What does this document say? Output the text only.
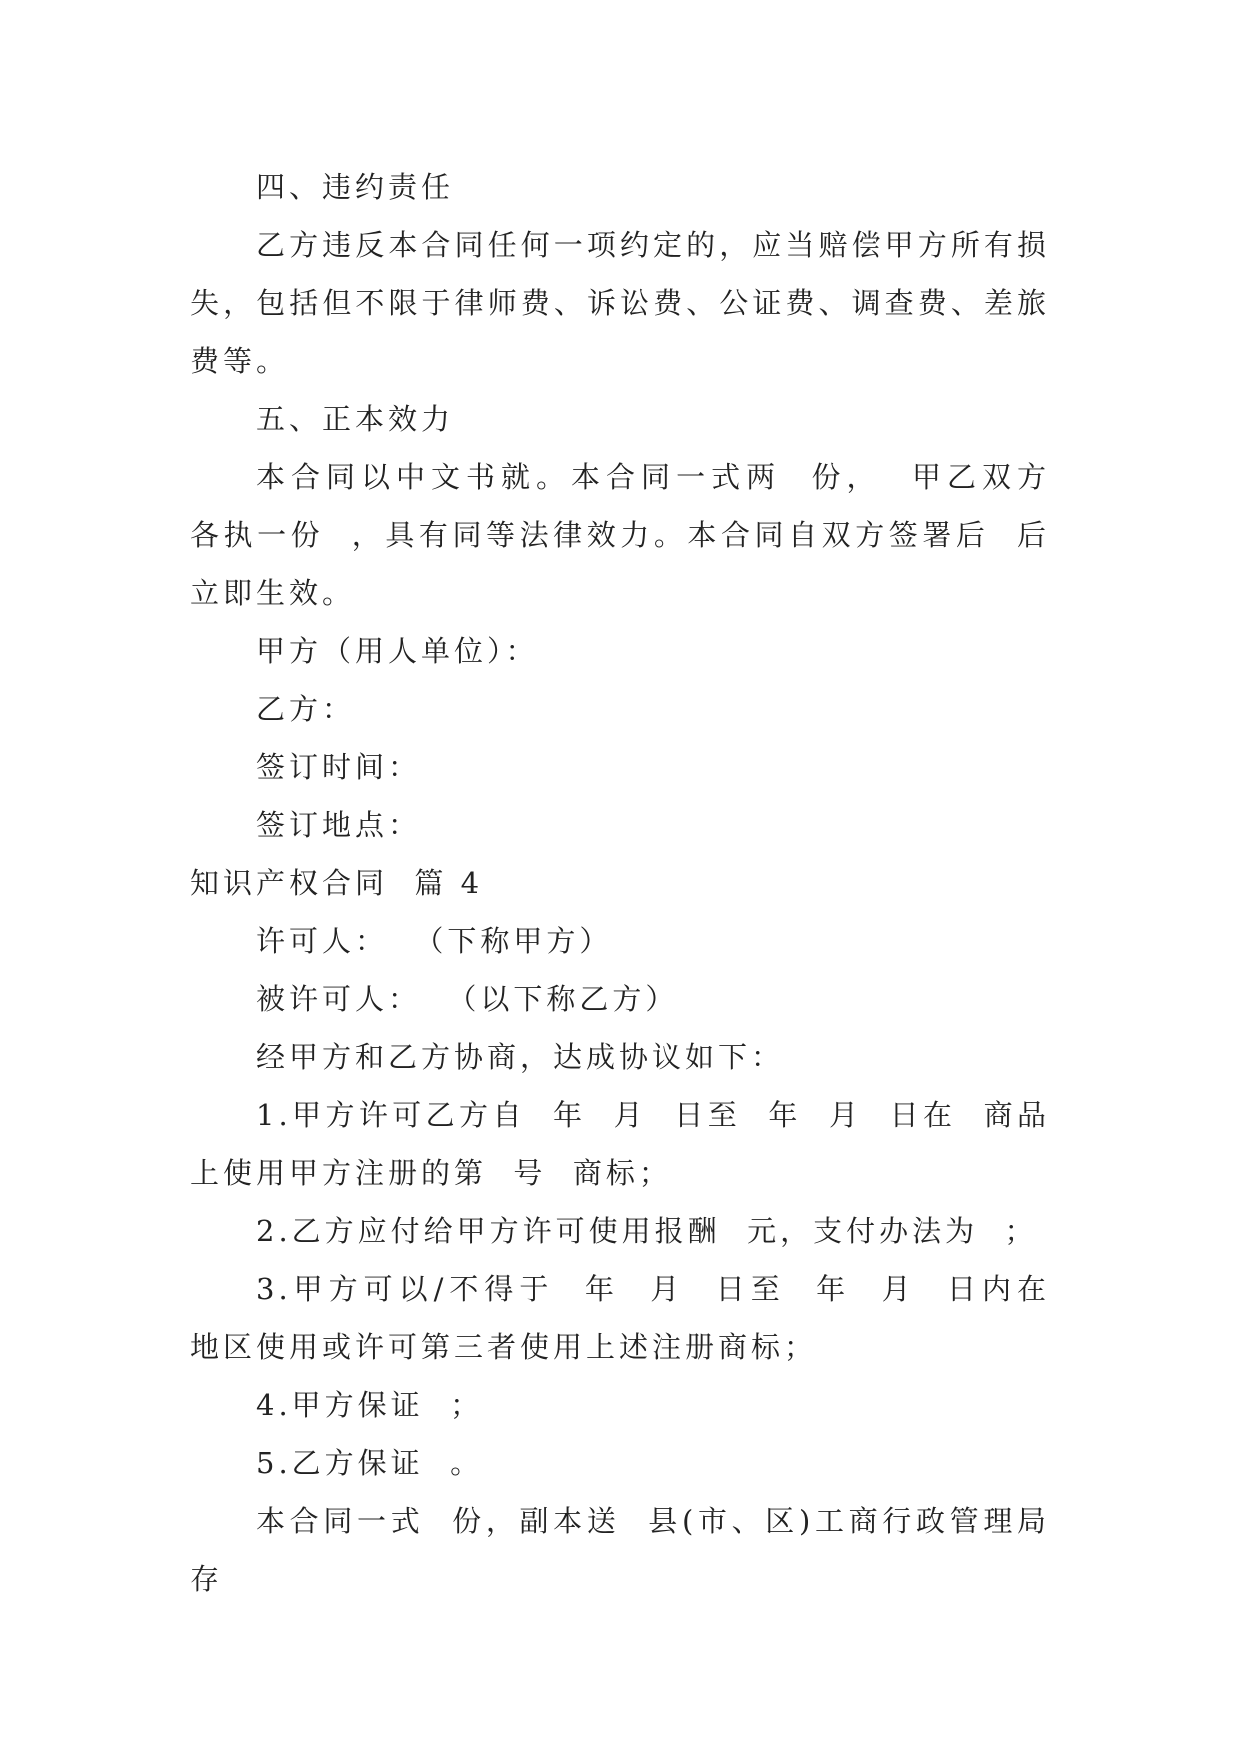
四、违约责任

乙方违反本合同任何一项约定的，应当赔偿甲方所有损失，包括但不限于律师费、诉讼费、公证费、调查费、差旅费等。

五、正本效力

本合同以中文书就。本合同一式两  份，  甲乙双方  各执一份  ，具有同等法律效力。本合同自双方签署后  后立即生效。

甲方（用人单位）：

乙方：

签订时间：

签订地点：

知识产权合同  篇 4

许可人：  （下称甲方）

被许可人：  （以下称乙方）

经甲方和乙方协商，达成协议如下：

1.甲方许可乙方自  年  月  日至  年  月  日在  商品上使用甲方注册的第  号  商标；

2.乙方应付给甲方许可使用报酬  元，支付办法为  ；

3.甲方可以/不得于  年  月  日至  年  月  日内在  地区使用或许可第三者使用上述注册商标；

4.甲方保证  ；

5.乙方保证  。

本合同一式  份，副本送  县(市、区)工商行政管理局存
